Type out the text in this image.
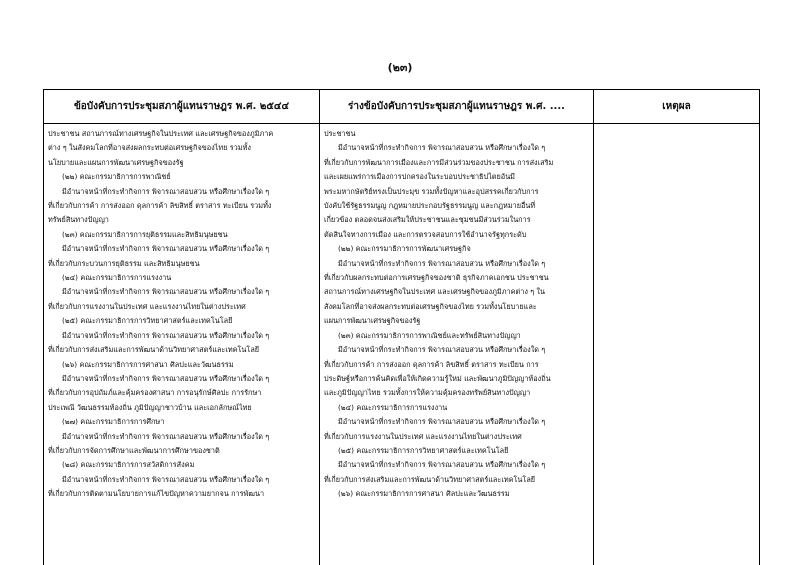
(๒๓)
ข้อบังคับการประชุมสภาผู้แทนราษฎร พ.ศ. ๒๕๔๔	ร่างข้อบังคับการประชุมสภาผู้แทนราษฎร พ.ศ. ....	เหตุผล
ประชาชน สถานการณ์ทางเศรษฐกิจในประเทศ และเศรษฐกิจของภูมิภาค
ต่าง ๆ ในสังคมโลกที่อาจส่งผลกระทบต่อเศรษฐกิจของไทย รวมทั้ง
นโยบายและแผนการพัฒนาเศรษฐกิจของรัฐ
(๒๒) คณะกรรมาธิการการพาณิชย์
มีอำนาจหน้าที่กระทำกิจการ พิจารณาสอบสวน หรือศึกษาเรื่องใด ๆ
ที่เกี่ยวกับการค้า การส่งออก ดุลการค้า ลิขสิทธิ์ ตราสาร ทะเบียน รวมทั้ง
ทรัพย์สินทางปัญญา
(๒๓) คณะกรรมาธิการการยุติธรรมและสิทธิมนุษยชน
มีอำนาจหน้าที่กระทำกิจการ พิจารณาสอบสวน หรือศึกษาเรื่องใด ๆ
ที่เกี่ยวกับกระบวนการยุติธรรม และสิทธิมนุษยชน
(๒๔) คณะกรรมาธิการการแรงงาน
มีอำนาจหน้าที่กระทำกิจการ พิจารณาสอบสวน หรือศึกษาเรื่องใด ๆ
ที่เกี่ยวกับการแรงงานในประเทศ และแรงงานไทยในต่างประเทศ
(๒๕) คณะกรรมาธิการการวิทยาศาสตร์และเทคโนโลยี
มีอำนาจหน้าที่กระทำกิจการ พิจารณาสอบสวน หรือศึกษาเรื่องใด ๆ
ที่เกี่ยวกับการส่งเสริมและการพัฒนาด้านวิทยาศาสตร์และเทคโนโลยี
(๒๖) คณะกรรมาธิการการศาสนา ศิลปะและวัฒนธรรม
มีอำนาจหน้าที่กระทำกิจการ พิจารณาสอบสวน หรือศึกษาเรื่องใด ๆ
ที่เกี่ยวกับการอุปถัมภ์และคุ้มครองศาสนา การอนุรักษ์ศิลปะ การรักษา
ประเพณี วัฒนธรรมท้องถิ่น ภูมิปัญญาชาวบ้าน และเอกลักษณ์ไทย
(๒๗) คณะกรรมาธิการการศึกษา
มีอำนาจหน้าที่กระทำกิจการ พิจารณาสอบสวน หรือศึกษาเรื่องใด ๆ
ที่เกี่ยวกับการจัดการศึกษาและพัฒนาการศึกษาของชาติ
(๒๘) คณะกรรมาธิการการสวัสดิการสังคม
มีอำนาจหน้าที่กระทำกิจการ พิจารณาสอบสวน หรือศึกษาเรื่องใด ๆ
ที่เกี่ยวกับการติดตามนโยบายการแก้ไขปัญหาความยากจน การพัฒนา
ประชาชน
มีอำนาจหน้าที่กระทำกิจการ พิจารณาสอบสวน หรือศึกษาเรื่องใด ๆ
ที่เกี่ยวกับการพัฒนาการเมืองและการมีส่วนร่วมของประชาชน การส่งเสริม
และเผยแพร่การเมืองการปกครองในระบอบประชาธิปไตยอันมี
พระมหากษัตริย์ทรงเป็นประมุข รวมทั้งปัญหาและอุปสรรคเกี่ยวกับการ
บังคับใช้รัฐธรรมนูญ กฎหมายประกอบรัฐธรรมนูญ และกฎหมายอื่นที่
เกี่ยวข้อง ตลอดจนส่งเสริมให้ประชาชนและชุมชนมีส่วนร่วมในการ
ตัดสินใจทางการเมือง และการตรวจสอบการใช้อำนาจรัฐทุกระดับ
(๒๒) คณะกรรมาธิการการพัฒนาเศรษฐกิจ
มีอำนาจหน้าที่กระทำกิจการ พิจารณาสอบสวน หรือศึกษาเรื่องใด ๆ
ที่เกี่ยวกับผลกระทบต่อการเศรษฐกิจของชาติ ธุรกิจภาคเอกชน ประชาชน
สถานการณ์ทางเศรษฐกิจในประเทศ และเศรษฐกิจของภูมิภาคต่าง ๆ ใน
สังคมโลกที่อาจส่งผลกระทบต่อเศรษฐกิจของไทย รวมทั้งนโยบายและ
แผนการพัฒนาเศรษฐกิจของรัฐ
(๒๓) คณะกรรมาธิการการพาณิชย์และทรัพย์สินทางปัญญา
มีอำนาจหน้าที่กระทำกิจการ พิจารณาสอบสวน หรือศึกษาเรื่องใด ๆ
ที่เกี่ยวกับการค้า การส่งออก ดุลการค้า ลิขสิทธิ์ ตราสาร ทะเบียน การ
ประดิษฐ์หรือการค้นคิดเพื่อให้เกิดความรู้ใหม่ และพัฒนาภูมิปัญญาท้องถิ่น
และภูมิปัญญาไทย รวมทั้งการให้ความคุ้มครองทรัพย์สินทางปัญญา
(๒๔) คณะกรรมาธิการการแรงงาน
มีอำนาจหน้าที่กระทำกิจการ พิจารณาสอบสวน หรือศึกษาเรื่องใด ๆ
ที่เกี่ยวกับการแรงงานในประเทศ และแรงงานไทยในต่างประเทศ
(๒๕) คณะกรรมาธิการการวิทยาศาสตร์และเทคโนโลยี
มีอำนาจหน้าที่กระทำกิจการ พิจารณาสอบสวน หรือศึกษาเรื่องใด ๆ
ที่เกี่ยวกับการส่งเสริมและการพัฒนาด้านวิทยาศาสตร์และเทคโนโลยี
(๒๖) คณะกรรมาธิการการศาสนา ศิลปะและวัฒนธรรม
